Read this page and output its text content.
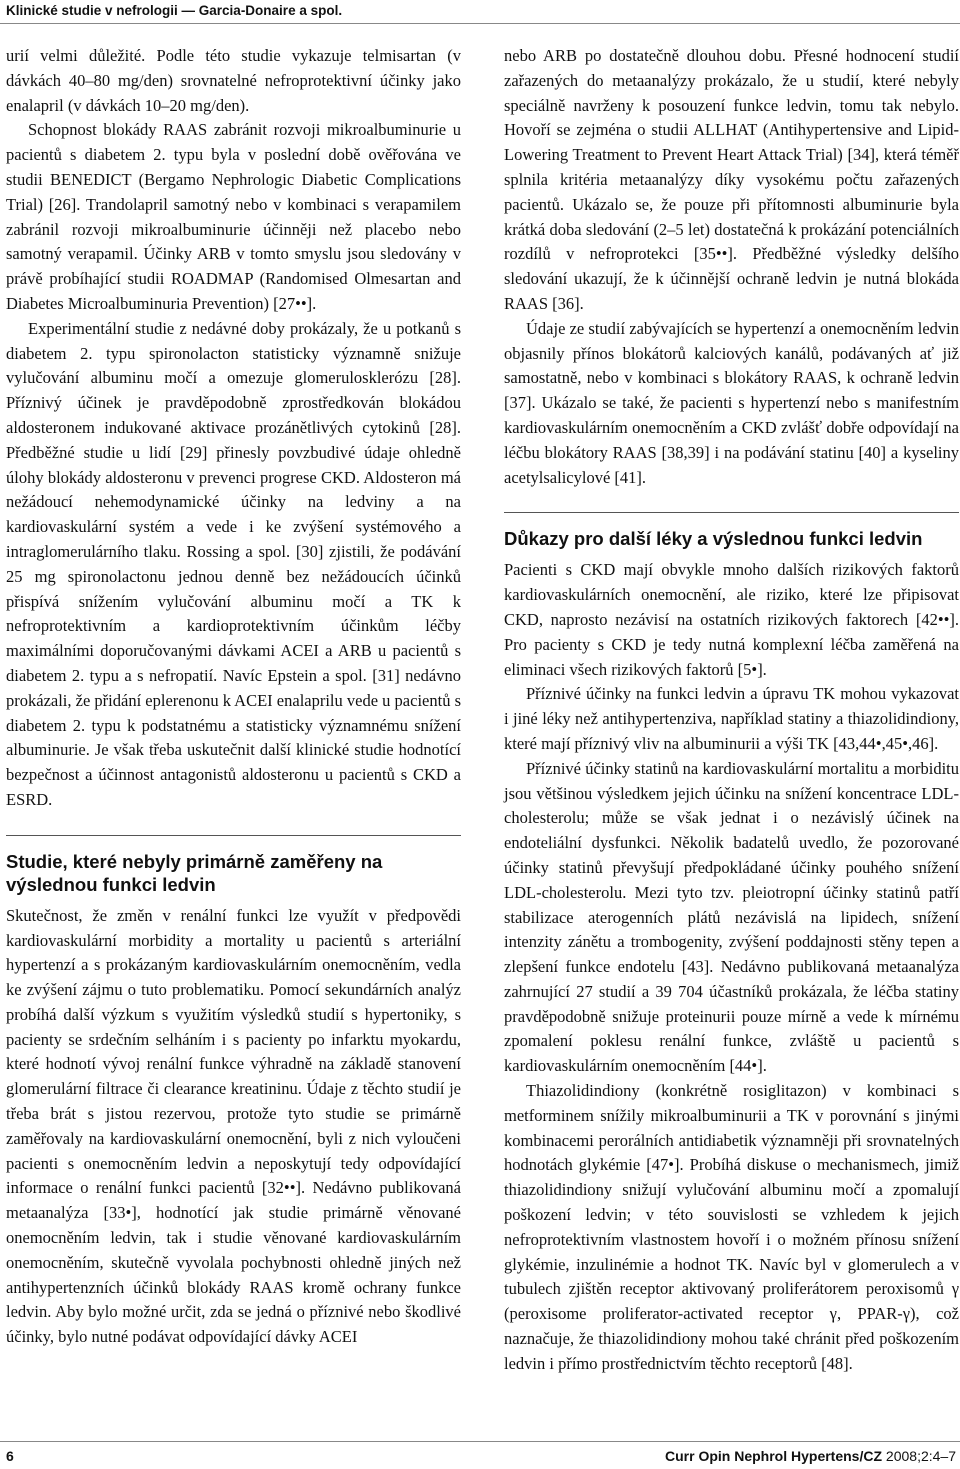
Klinické studie v nefrologii — Garcia-Donaire a spol.

urií velmi důležité. Podle této studie vykazuje telmisartan (v dávkách 40–80 mg/den) srovnatelné nefroprotektivní účinky jako enalapril (v dávkách 10–20 mg/den).

Schopnost blokády RAAS zabránit rozvoji mikroalbuminurie u pacientů s diabetem 2. typu byla v poslední době ověřována ve studii BENEDICT (Bergamo Nephrologic Diabetic Complications Trial) [26]. Trandolapril samotný nebo v kombinaci s verapamilem zabránil rozvoji mikroalbuminurie účinněji než placebo nebo samotný verapamil. Účinky ARB v tomto smyslu jsou sledovány v právě probíhající studii ROADMAP (Randomised Olmesartan and Diabetes Microalbuminuria Prevention) [27••].

Experimentální studie z nedávné doby prokázaly, že u potkanů s diabetem 2. typu spironolacton statisticky významně snižuje vylučování albuminu močí a omezuje glomerulosklerózu [28]. Příznivý účinek je pravděpodobně zprostředkován blokádou aldosteronem indukované aktivace prozánětlivých cytokinů [28]. Předběžné studie u lidí [29] přinesly povzbudivé údaje ohledně úlohy blokády aldosteronu v prevenci progrese CKD. Aldosteron má nežádoucí nehemodynamické účinky na ledviny a na kardiovaskulární systém a vede i ke zvýšení systémového a intraglomerulárního tlaku. Rossing a spol. [30] zjistili, že podávání 25 mg spironolactonu jednou denně bez nežádoucích účinků přispívá snížením vylučování albuminu močí a TK k nefroprotektivním a kardioprotektivním účinkům léčby maximálními doporučovanými dávkami ACEI a ARB u pacientů s diabetem 2. typu a s nefropatií. Navíc Epstein a spol. [31] nedávno prokázali, že přidání eplerenonu k ACEI enalaprilu vede u pacientů s diabetem 2. typu k podstatnému a statisticky významnému snížení albuminurie. Je však třeba uskutečnit další klinické studie hodnotící bezpečnost a účinnost antagonistů aldosteronu u pacientů s CKD a ESRD.

Studie, které nebyly primárně zaměřeny na výslednou funkci ledvin

Skutečnost, že změn v renální funkci lze využít v předpovědi kardiovaskulární morbidity a mortality u pacientů s arteriální hypertenzí a s prokázaným kardiovaskulárním onemocněním, vedla ke zvýšení zájmu o tuto problematiku. Pomocí sekundárních analýz probíhá další výzkum s využitím výsledků studií s hypertoniky, s pacienty se srdečním selháním i s pacienty po infarktu myokardu, které hodnotí vývoj renální funkce výhradně na základě stanovení glomerulární filtrace či clearance kreatininu. Údaje z těchto studií je třeba brát s jistou rezervou, protože tyto studie se primárně zaměřovaly na kardiovaskulární onemocnění, byli z nich vyloučeni pacienti s onemocněním ledvin a neposkytují tedy odpovídající informace o renální funkci pacientů [32••]. Nedávno publikovaná metaanalýza [33•], hodnotící jak studie primárně věnované onemocněním ledvin, tak i studie věnované kardiovaskulárním onemocněním, skutečně vyvolala pochybnosti ohledně jiných než antihypertenzních účinků blokády RAAS kromě ochrany funkce ledvin. Aby bylo možné určit, zda se jedná o příznivé nebo škodlivé účinky, bylo nutné podávat odpovídající dávky ACEI

nebo ARB po dostatečně dlouhou dobu. Přesné hodnocení studií zařazených do metaanalýzy prokázalo, že u studií, které nebyly speciálně navrženy k posouzení funkce ledvin, tomu tak nebylo. Hovoří se zejména o studii ALLHAT (Antihypertensive and Lipid-Lowering Treatment to Prevent Heart Attack Trial) [34], která téměř splnila kritéria metaanalýzy díky vysokému počtu zařazených pacientů. Ukázalo se, že pouze při přítomnosti albuminurie byla krátká doba sledování (2–5 let) dostatečná k prokázání potenciálních rozdílů v nefroprotekci [35••]. Předběžné výsledky delšího sledování ukazují, že k účinnější ochraně ledvin je nutná blokáda RAAS [36].

Údaje ze studií zabývajících se hypertenzí a onemocněním ledvin objasnily přínos blokátorů kalciových kanálů, podávaných ať již samostatně, nebo v kombinaci s blokátory RAAS, k ochraně ledvin [37]. Ukázalo se také, že pacienti s hypertenzí nebo s manifestním kardiovaskulárním onemocněním a CKD zvlášť dobře odpovídají na léčbu blokátory RAAS [38,39] i na podávání statinu [40] a kyseliny acetylsalicylové [41].

Důkazy pro další léky a výslednou funkci ledvin

Pacienti s CKD mají obvykle mnoho dalších rizikových faktorů kardiovaskulárních onemocnění, ale riziko, které lze připisovat CKD, naprosto nezávisí na ostatních rizikových faktorech [42••]. Pro pacienty s CKD je tedy nutná komplexní léčba zaměřená na eliminaci všech rizikových faktorů [5•].

Příznivé účinky na funkci ledvin a úpravu TK mohou vykazovat i jiné léky než antihypertenziva, například statiny a thiazolidindiony, které mají příznivý vliv na albuminurii a výši TK [43,44•,45•,46].

Příznivé účinky statinů na kardiovaskulární mortalitu a morbiditu jsou většinou výsledkem jejich účinku na snížení koncentrace LDL-cholesterolu; může se však jednat i o nezávislý účinek na endoteliální dysfunkci. Několik badatelů uvedlo, že pozorované účinky statinů převyšují předpokládané účinky pouhého snížení LDL-cholesterolu. Mezi tyto tzv. pleiotropní účinky statinů patří stabilizace aterogenních plátů nezávislá na lipidech, snížení intenzity zánětu a trombogenity, zvýšení poddajnosti stěny tepen a zlepšení funkce endotelu [43]. Nedávno publikovaná metaanalýza zahrnující 27 studií a 39 704 účastníků prokázala, že léčba statiny pravděpodobně snižuje proteinurii pouze mírně a vede k mírnému zpomalení poklesu renální funkce, zvláště u pacientů s kardiovaskulárním onemocněním [44•].

Thiazolidindiony (konkrétně rosiglitazon) v kombinaci s metforminem snížily mikroalbuminurii a TK v porovnání s jinými kombinacemi perorálních antidiabetik významněji při srovnatelných hodnotách glykémie [47•]. Probíhá diskuse o mechanismech, jimiž thiazolidindiony snižují vylučování albuminu močí a zpomalují poškození ledvin; v této souvislosti se vzhledem k jejich nefroprotektivním vlastnostem hovoří i o možném přínosu snížení glykémie, inzulinémie a hodnot TK. Navíc byl v glomerulech a v tubulech zjištěn receptor aktivovaný proliferátorem peroxisomů γ (peroxisome proliferator-activated receptor γ, PPAR-γ), což naznačuje, že thiazolidindiony mohou také chránit před poškozením ledvin i přímo prostřednictvím těchto receptorů [48].

6	Curr Opin Nephrol Hypertens/CZ 2008;2:4–7
